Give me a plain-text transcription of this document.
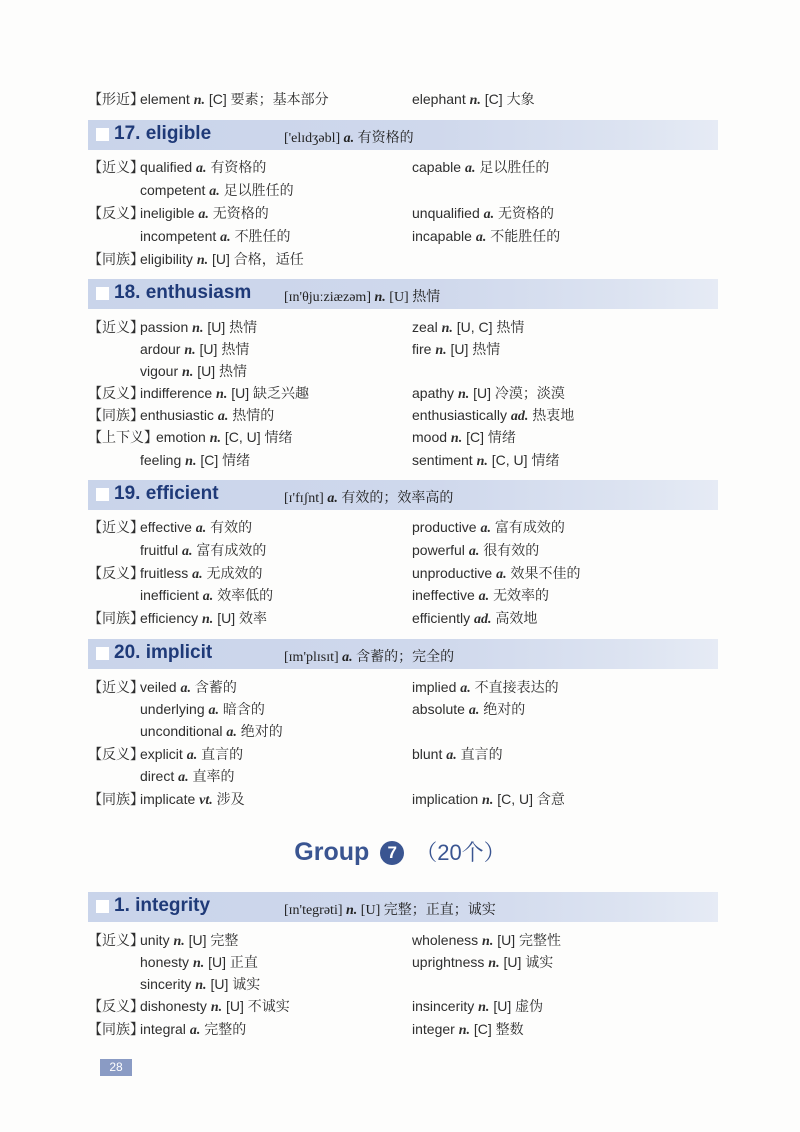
【形近】
element n. [C] 要素；基本部分	elephant n. [C] 大象
17. eligible	['elɪdʒəbl] a. 有资格的
【近义】
qualified a. 有资格的	capable a. 足以胜任的
competent a. 足以胜任的
【反义】
ineligible a. 无资格的	unqualified a. 无资格的
incompetent a. 不胜任的	incapable a. 不能胜任的
【同族】
eligibility n. [U] 合格，适任
18. enthusiasm [ɪn'θjuːziæzəm] n. [U] 热情
【近义】
passion n. [U] 热情	zeal n. [U, C] 热情
ardour n. [U] 热情	fire n. [U] 热情
vigour n. [U] 热情
【反义】
indifference n. [U] 缺乏兴趣	apathy n. [U] 冷漠；淡漠
【同族】
enthusiastic a. 热情的	enthusiastically ad. 热衷地
【上下义】
emotion n. [C, U] 情绪	mood n. [C] 情绪
feeling n. [C] 情绪	sentiment n. [C, U] 情绪
19. efficient	[ɪ'fɪʃnt] a. 有效的；效率高的
【近义】
effective a. 有效的	productive a. 富有成效的
fruitful a. 富有成效的	powerful a. 很有效的
【反义】
fruitless a. 无成效的	unproductive a. 效果不佳的
inefficient a. 效率低的	ineffective a. 无效率的
【同族】
efficiency n. [U] 效率	efficiently ad. 高效地
20. implicit	[ɪm'plɪsɪt] a. 含蓄的；完全的
【近义】
veiled a. 含蓄的	implied a. 不直接表达的
underlying a. 暗含的	absolute a. 绝对的
unconditional a. 绝对的
【反义】
explicit a. 直言的	blunt a. 直言的
direct a. 直率的
【同族】
implicate vt. 涉及	implication n. [C, U] 含意
Group 7 （20个）
1. integrity	[ɪn'tegrəti] n. [U] 完整；正直；诚实
【近义】
unity n. [U] 完整	wholeness n. [U] 完整性
honesty n. [U] 正直	uprightness n. [U] 诚实
sincerity n. [U] 诚实
【反义】
dishonesty n. [U] 不诚实	insincerity n. [U] 虚伪
【同族】
integral a. 完整的	integer n. [C] 整数
28
